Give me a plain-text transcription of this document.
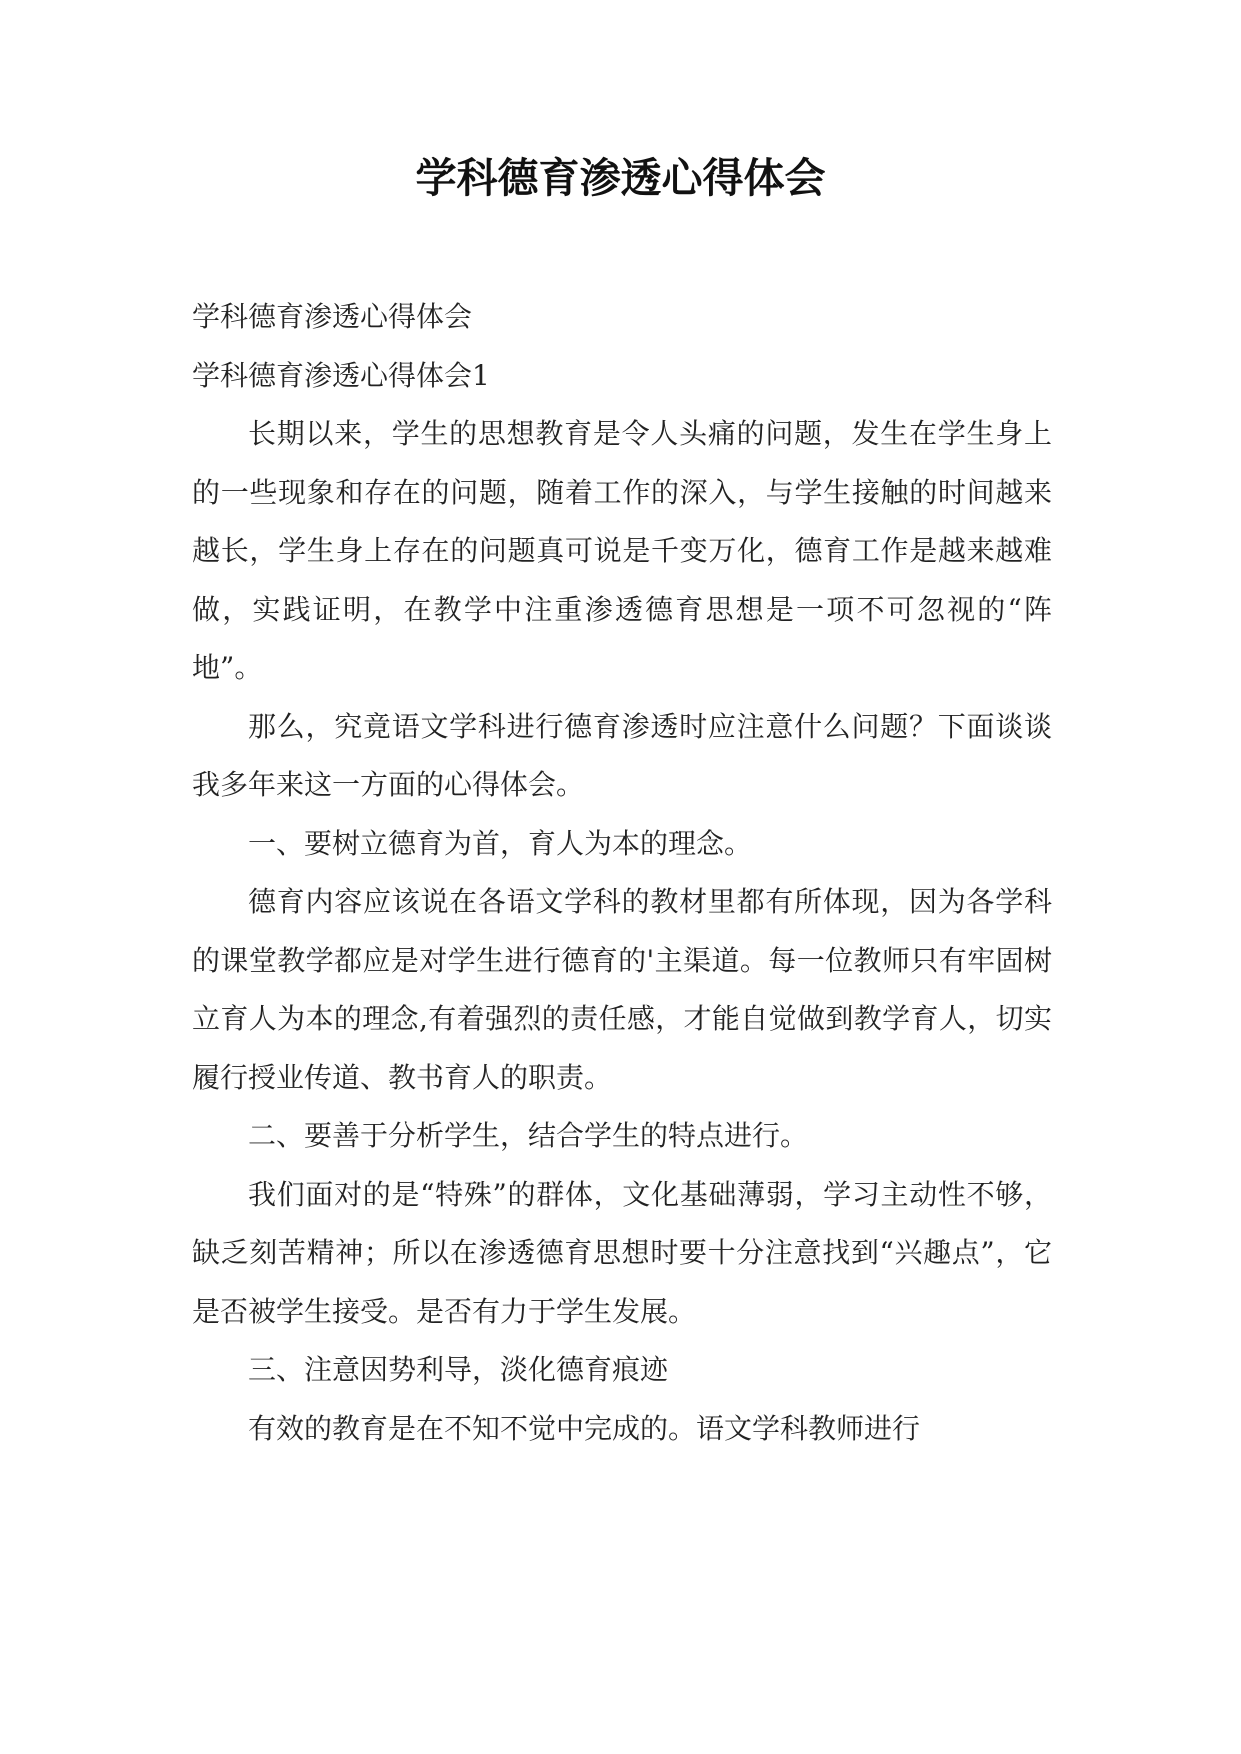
学科德育渗透心得体会

学科德育渗透心得体会

学科德育渗透心得体会1

长期以来，学生的思想教育是令人头痛的问题，发生在学生身上的一些现象和存在的问题，随着工作的深入，与学生接触的时间越来越长，学生身上存在的问题真可说是千变万化，德育工作是越来越难做，实践证明，在教学中注重渗透德育思想是一项不可忽视的“阵地”。

那么，究竟语文学科进行德育渗透时应注意什么问题？下面谈谈我多年来这一方面的心得体会。

一、要树立德育为首，育人为本的理念。

德育内容应该说在各语文学科的教材里都有所体现，因为各学科的课堂教学都应是对学生进行德育的'主渠道。每一位教师只有牢固树立育人为本的理念,有着强烈的责任感，才能自觉做到教学育人，切实履行授业传道、教书育人的职责。

二、要善于分析学生，结合学生的特点进行。

我们面对的是“特殊”的群体，文化基础薄弱，学习主动性不够，缺乏刻苦精神；所以在渗透德育思想时要十分注意找到“兴趣点”，它是否被学生接受。是否有力于学生发展。

三、注意因势利导，淡化德育痕迹

有效的教育是在不知不觉中完成的。语文学科教师进行
